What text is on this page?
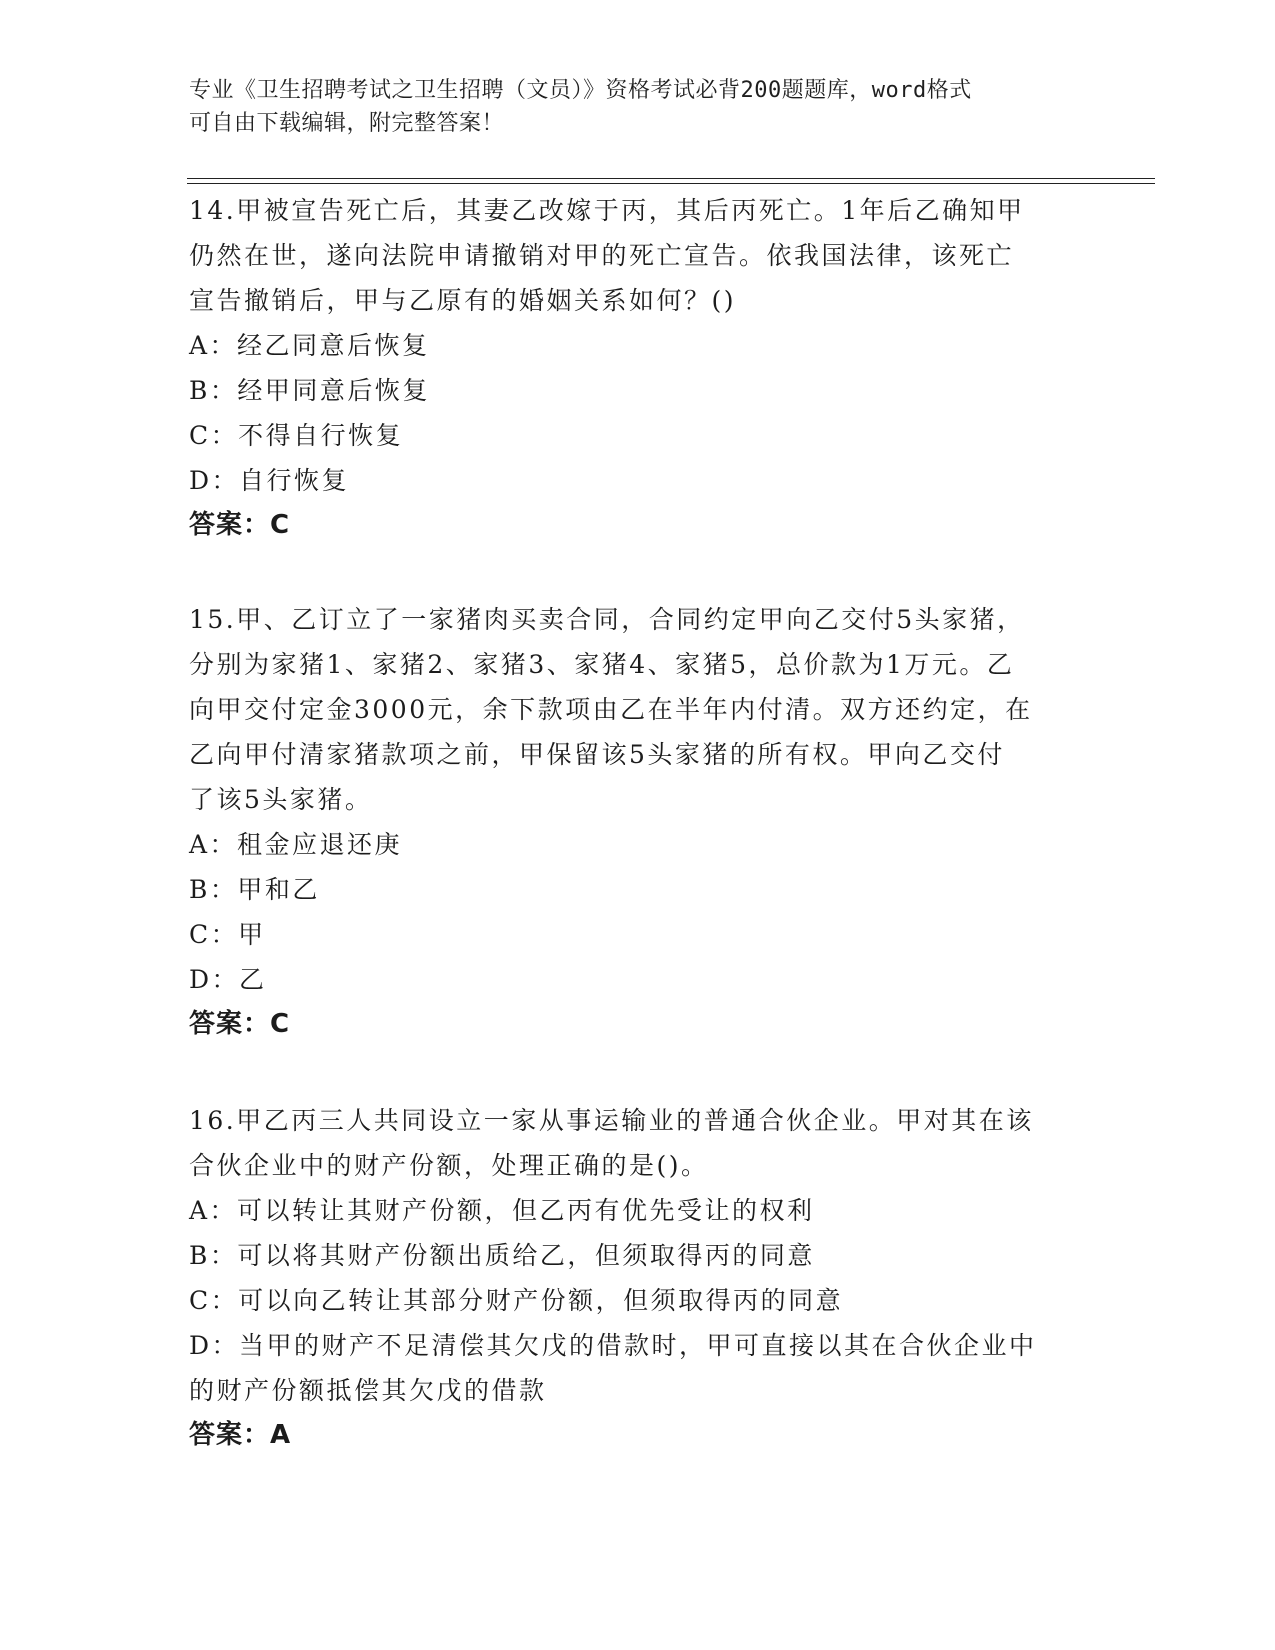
专业《卫生招聘考试之卫生招聘（文员）》资格考试必背200题题库，word格式
可自由下载编辑，附完整答案！
14.甲被宣告死亡后，其妻乙改嫁于丙，其后丙死亡。1年后乙确知甲
仍然在世，遂向法院申请撤销对甲的死亡宣告。依我国法律，该死亡
宣告撤销后，甲与乙原有的婚姻关系如何？()
A：经乙同意后恢复
B：经甲同意后恢复
C：不得自行恢复
D：自行恢复
答案：C
15.甲、乙订立了一家猪肉买卖合同，合同约定甲向乙交付5头家猪，
分别为家猪1、家猪2、家猪3、家猪4、家猪5，总价款为1万元。乙
向甲交付定金3000元，余下款项由乙在半年内付清。双方还约定，在
乙向甲付清家猪款项之前，甲保留该5头家猪的所有权。甲向乙交付
了该5头家猪。
A：租金应退还庚
B：甲和乙
C：甲
D：乙
答案：C
16.甲乙丙三人共同设立一家从事运输业的普通合伙企业。甲对其在该
合伙企业中的财产份额，处理正确的是()。
A：可以转让其财产份额，但乙丙有优先受让的权利
B：可以将其财产份额出质给乙，但须取得丙的同意
C：可以向乙转让其部分财产份额，但须取得丙的同意
D：当甲的财产不足清偿其欠戊的借款时，甲可直接以其在合伙企业中
的财产份额抵偿其欠戊的借款
答案：A
